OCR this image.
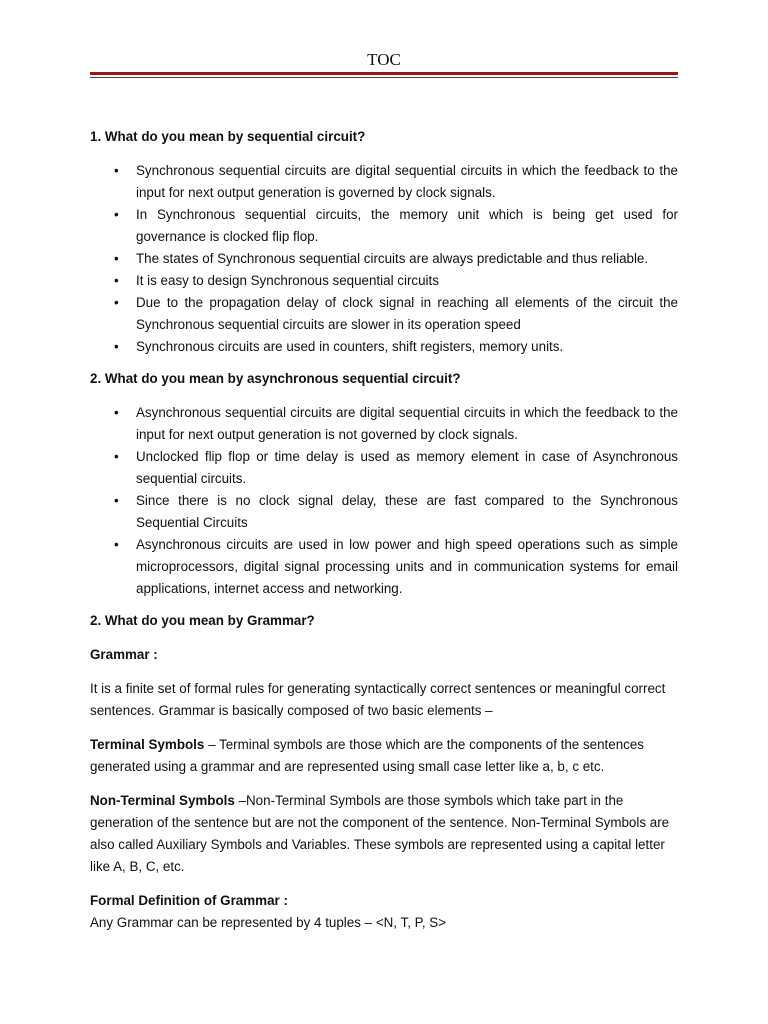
TOC

1. What do you mean by sequential circuit?

• Synchronous sequential circuits are digital sequential circuits in which the feedback to the input for next output generation is governed by clock signals.
• In Synchronous sequential circuits, the memory unit which is being get used for governance is clocked flip flop.
• The states of Synchronous sequential circuits are always predictable and thus reliable.
• It is easy to design Synchronous sequential circuits
• Due to the propagation delay of clock signal in reaching all elements of the circuit the Synchronous sequential circuits are slower in its operation speed
• Synchronous circuits are used in counters, shift registers, memory units.

2. What do you mean by asynchronous sequential circuit?

• Asynchronous sequential circuits are digital sequential circuits in which the feedback to the input for next output generation is not governed by clock signals.
• Unclocked flip flop or time delay is used as memory element in case of Asynchronous sequential circuits.
• Since there is no clock signal delay, these are fast compared to the Synchronous Sequential Circuits
• Asynchronous circuits are used in low power and high speed operations such as simple microprocessors, digital signal processing units and in communication systems for email applications, internet access and networking.

2. What do you mean by Grammar?

Grammar :

It is a finite set of formal rules for generating syntactically correct sentences or meaningful correct sentences. Grammar is basically composed of two basic elements –

Terminal Symbols – Terminal symbols are those which are the components of the sentences generated using a grammar and are represented using small case letter like a, b, c etc.

Non-Terminal Symbols –Non-Terminal Symbols are those symbols which take part in the generation of the sentence but are not the component of the sentence. Non-Terminal Symbols are also called Auxiliary Symbols and Variables. These symbols are represented using a capital letter like A, B, C, etc.

Formal Definition of Grammar :
Any Grammar can be represented by 4 tuples – <N, T, P, S>
